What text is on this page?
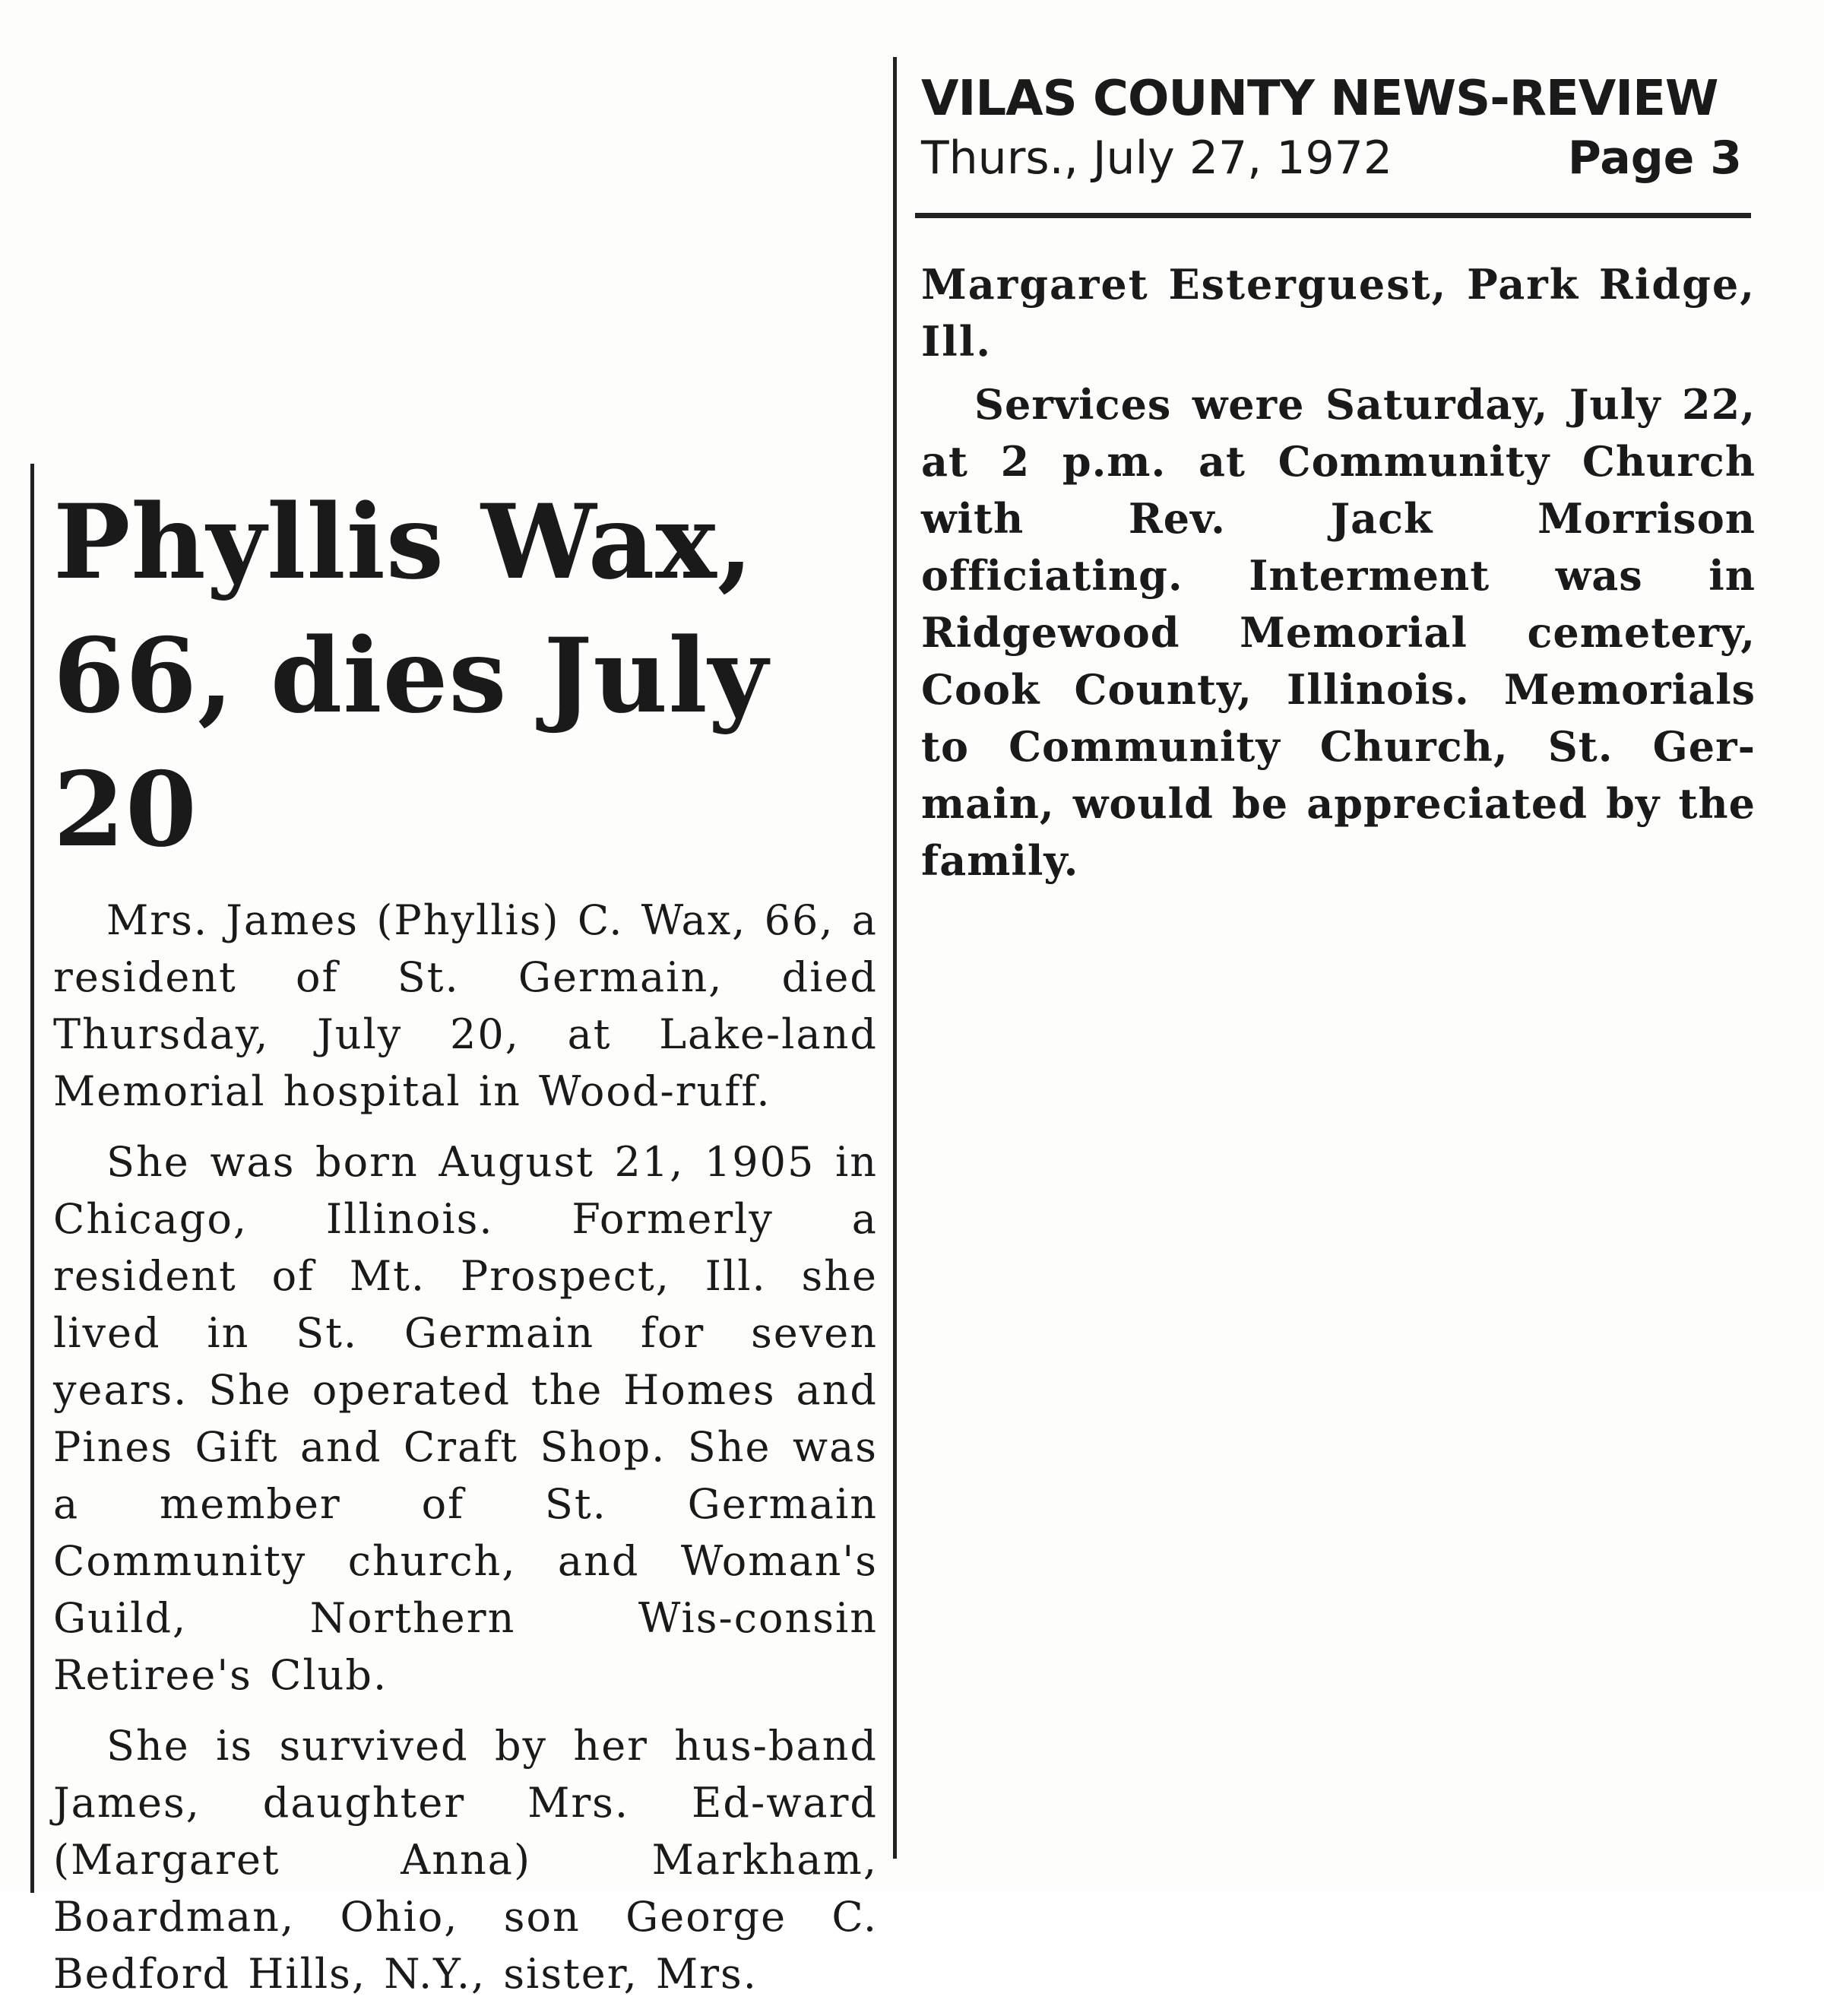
Phyllis Wax, 66, dies July 20

Mrs. James (Phyllis) C. Wax, 66, a resident of St. Germain, died Thursday, July 20, at Lake-land Memorial hospital in Wood-ruff.

She was born August 21, 1905 in Chicago, Illinois. Formerly a resident of Mt. Prospect, Ill. she lived in St. Germain for seven years. She operated the Homes and Pines Gift and Craft Shop. She was a member of St. Germain Community church, and Woman's Guild, Northern Wis-consin Retiree's Club.

She is survived by her hus-band James, daughter Mrs. Ed-ward (Margaret Anna) Markham, Boardman, Ohio, son George C. Bedford Hills, N.Y., sister, Mrs.

VILAS COUNTY NEWS-REVIEW
Thurs., July 27, 1972	Page 3

Margaret Esterguest, Park Ridge, Ill.

Services were Saturday, July 22, at 2 p.m. at Community Church with Rev. Jack Morrison officiating. Interment was in Ridgewood Memorial cemetery, Cook County, Illinois. Memorials to Community Church, St. Ger-main, would be appreciated by the family.
